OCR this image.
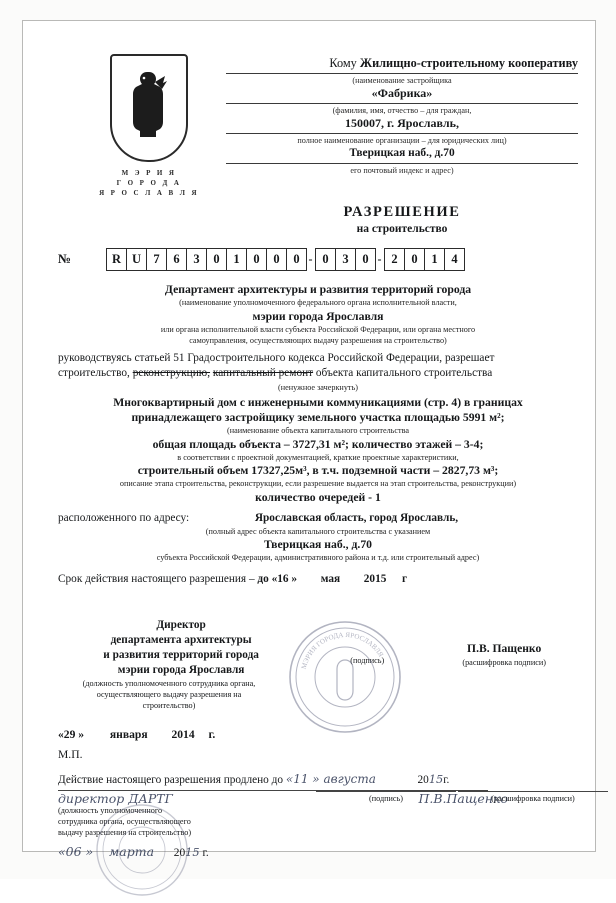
М Э Р И Я
Г О Р О Д А
Я Р О С Л А В Л Я
Кому Жилищно-строительному кооперативу
(наименование застройщика
«Фабрика»
(фамилия, имя, отчество – для граждан,
150007, г. Ярославль,
полное наименование организации – для юридических лиц)
Тверицкая наб., д.70
его почтовый индекс и адрес)
РАЗРЕШЕНИЕ
на строительство
№	R U 7	6	3	0	1	0	0	0 - 0	3	0 - 2	0	1	4
Департамент архитектуры и развития территорий города
(наименование уполномоченного федерального органа исполнительной власти,
мэрии города Ярославля
или органа исполнительной власти субъекта Российской Федерации, или органа местного
самоуправления, осуществляющих выдачу разрешения на строительство)
руководствуясь статьей 51 Градостроительного кодекса Российской Федерации, разрешает
строительство, реконструкцию, капитальный ремонт объекта капитального строительства
(ненужное зачеркнуть)
Многоквартирный дом с инженерными коммуникациями (стр. 4) в границах
принадлежащего застройщику земельного участка площадью 5991 м²;
(наименование объекта капитального строительства
общая площадь объекта – 3727,31 м²; количество этажей – 3-4;
в соответствии с проектной документацией, краткие проектные характеристики,
строительный объем 17327,25м³, в т.ч. подземной части – 2827,73 м³;
описание этапа строительства, реконструкции, если разрешение выдается на этап строительства, реконструкции)
количество очередей - 1
расположенного по адресу:	Ярославская область, город Ярославль,
(полный адрес объекта капитального строительства с указанием
Тверицкая наб., д.70
субъекта Российской Федерации, административного района и т.д. или строительный адрес)
Срок действия настоящего разрешения – до «16 » мая 2015 г
Директор
департамента архитектуры
и развития территорий города
мэрии города Ярославля
(должность уполномоченного сотрудника органа, осуществляющего выдачу разрешения на строительство)
(подпись)
П.В. Пащенко
(расшифровка подписи)
МЭРИЯ ГОРОДА ЯРОСЛАВЛЯ
«29 »  января 2014 г.
М.П.
Действие настоящего разрешения продлено до «11 » августа	2015г.
директор ДАРТГ	П.В.Пащенко
(должность уполномоченного
сотрудника органа, осуществляющего
выдачу разрешения на строительство)
(подпись)	(расшифровка подписи)
«06 » марта 2015 г.
